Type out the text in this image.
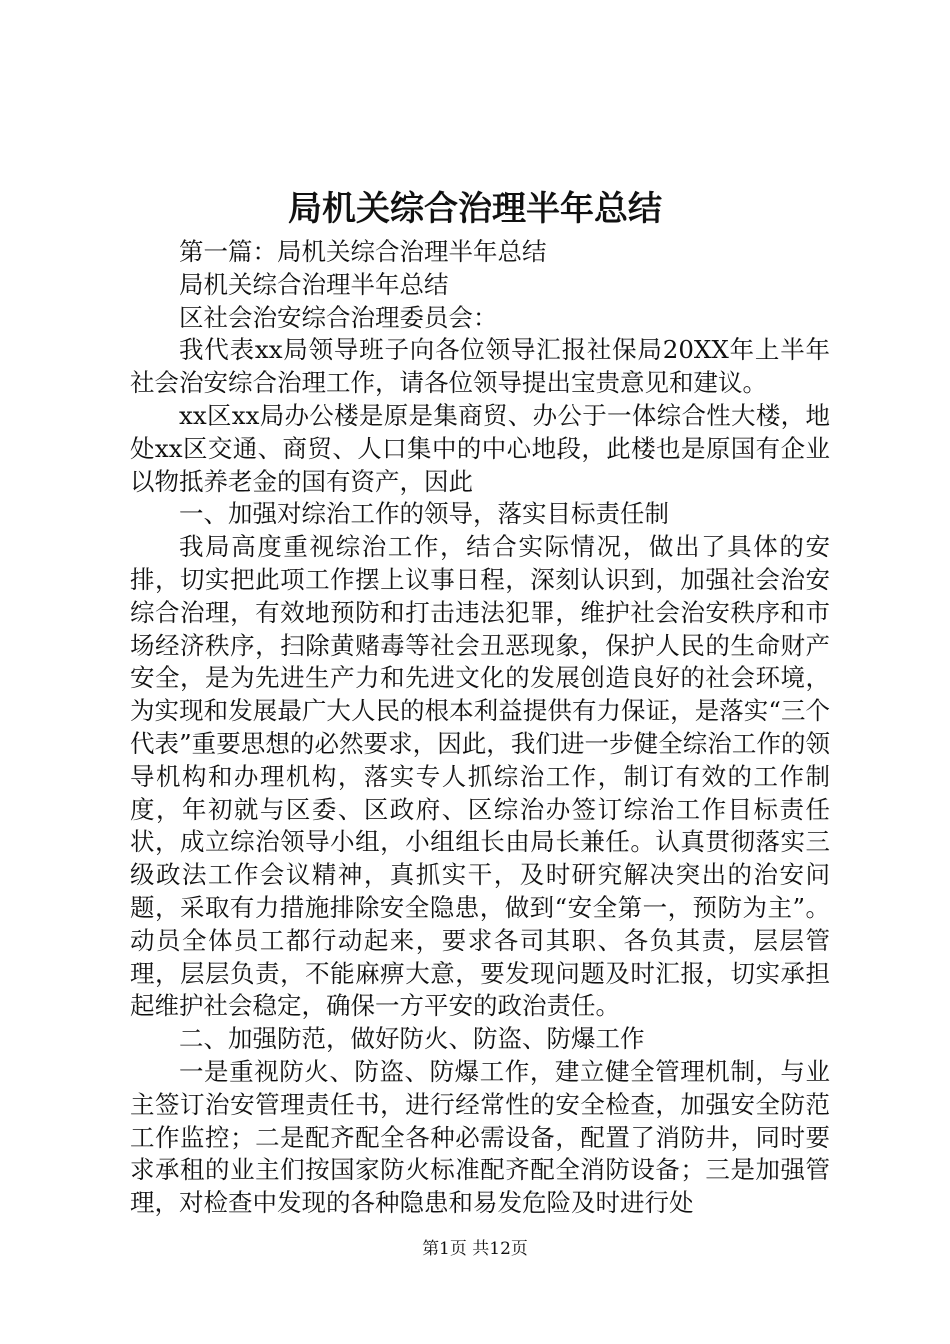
局机关综合治理半年总结

第一篇：局机关综合治理半年总结

局机关综合治理半年总结

区社会治安综合治理委员会：

我代表xx局领导班子向各位领导汇报社保局20XX年上半年社会治安综合治理工作，请各位领导提出宝贵意见和建议。

xx区xx局办公楼是原是集商贸、办公于一体综合性大楼，地处xx区交通、商贸、人口集中的中心地段，此楼也是原国有企业以物抵养老金的国有资产，因此

一、加强对综治工作的领导，落实目标责任制

我局高度重视综治工作，结合实际情况，做出了具体的安排，切实把此项工作摆上议事日程，深刻认识到，加强社会治安综合治理，有效地预防和打击违法犯罪，维护社会治安秩序和市场经济秩序，扫除黄赌毒等社会丑恶现象，保护人民的生命财产安全，是为先进生产力和先进文化的发展创造良好的社会环境，为实现和发展最广大人民的根本利益提供有力保证，是落实“三个代表”重要思想的必然要求，因此，我们进一步健全综治工作的领导机构和办理机构，落实专人抓综治工作，制订有效的工作制度，年初就与区委、区政府、区综治办签订综治工作目标责任状，成立综治领导小组，小组组长由局长兼任。认真贯彻落实三级政法工作会议精神，真抓实干，及时研究解决突出的治安问题，采取有力措施排除安全隐患，做到“安全第一，预防为主”。动员全体员工都行动起来，要求各司其职、各负其责，层层管理，层层负责，不能麻痹大意，要发现问题及时汇报，切实承担起维护社会稳定，确保一方平安的政治责任。

二、加强防范，做好防火、防盗、防爆工作

一是重视防火、防盗、防爆工作，建立健全管理机制，与业主签订治安管理责任书，进行经常性的安全检查，加强安全防范工作监控；二是配齐配全各种必需设备，配置了消防井，同时要求承租的业主们按国家防火标准配齐配全消防设备；三是加强管理，对检查中发现的各种隐患和易发危险及时进行处

第1页 共12页
